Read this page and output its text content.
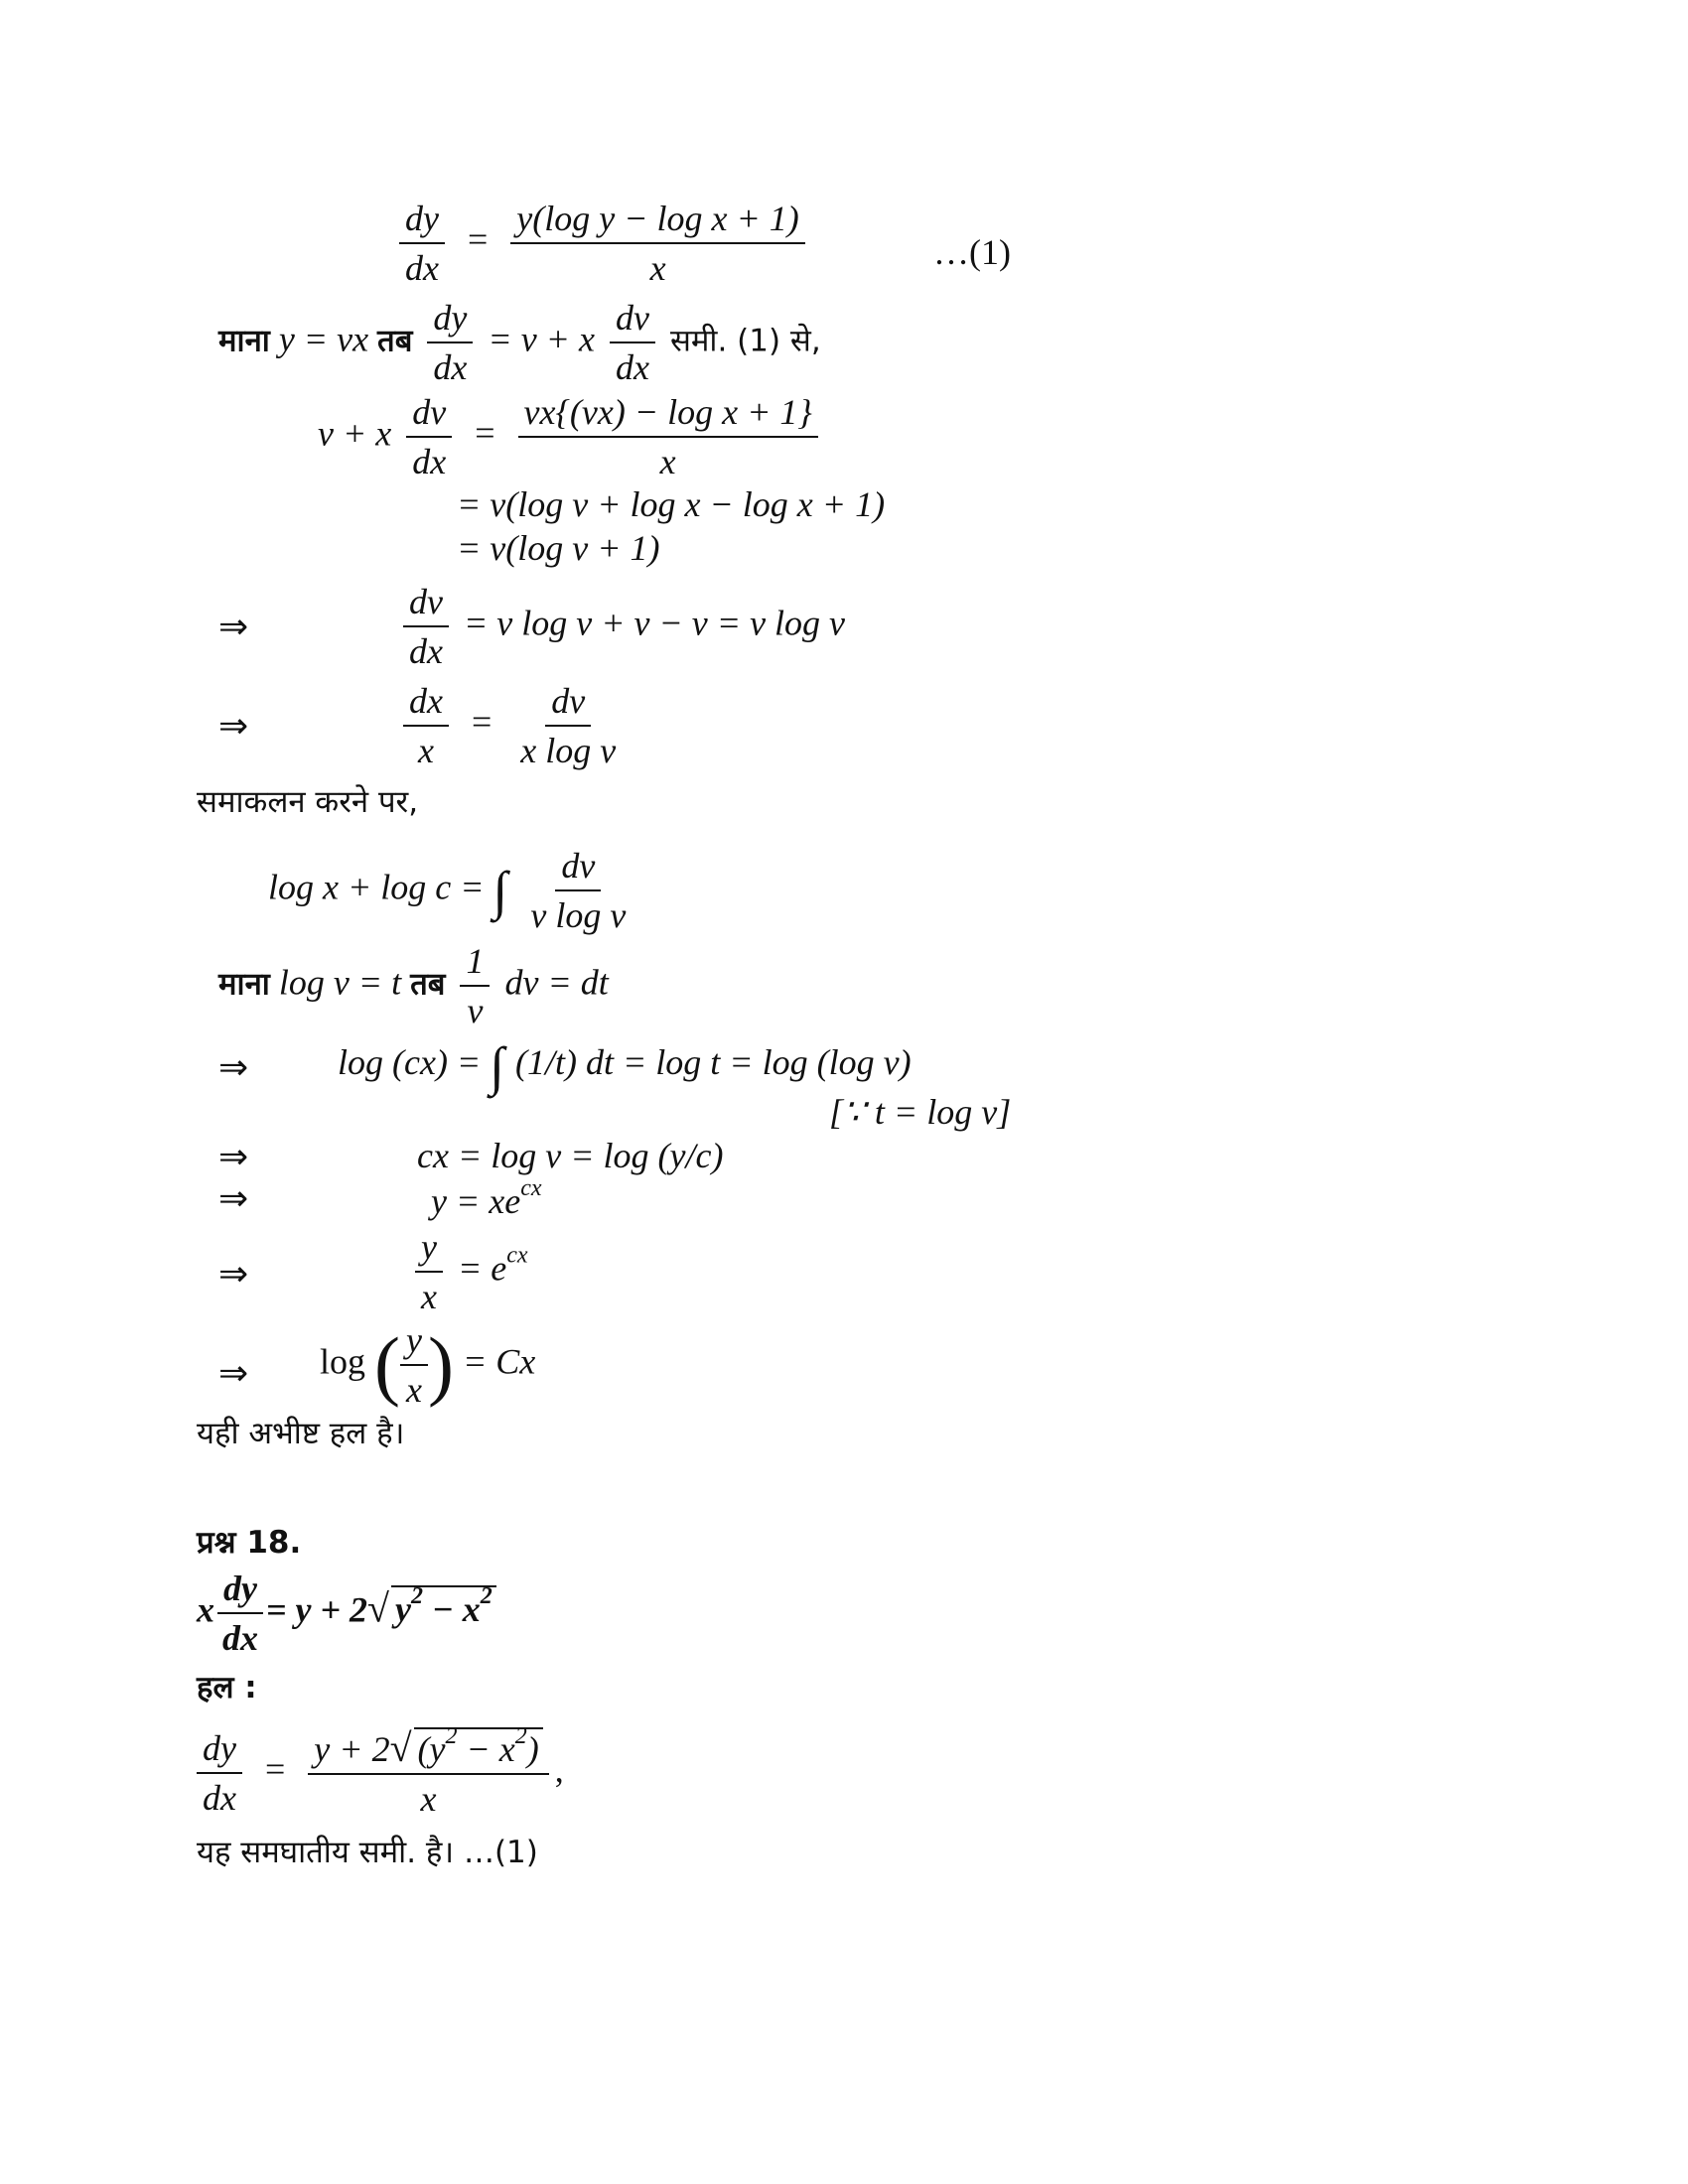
$\frac{dy}{dx} = \frac{\text{y(log y − log x + 1)}}{x}$	…(1)
माना y = vx तब $\frac{dy}{dx} = v + x \frac{dv}{dx}$ समी. (1) से,
v + x $\frac{dv}{dx} = \frac{\text{vx\{(vx) − log x + 1\}}}{x}$
= v(log v + log x − log x + 1)
= v(log v + 1)
⇒	$\frac{dv}{dx} = v$ log v + v − v = v log v
⇒	$\frac{dx}{x} = \frac{dv}{\text{x log v}}$
समाकलन करने पर,
log x + log c = ∫ $\frac{dv}{\text{v log v}}$
माना log v = t तब $\frac{1}{v}$ dv = dt
⇒ log (cx) = ∫ (1/t) dt = log t = log (log v)
[∵ t = log v]
⇒	cx = log v = log (y/c)
⇒	$y = xe^{cx}$
⇒	$\frac{y}{x} = e^{cx}$
⇒ log ( $\frac{y}{x}$ ) = Cx
यही अभीष्ट हल है।
प्रश्न 18.
x $\frac{dy}{dx} = y + 2√$ $y^2 - x^2$
हल :
$\frac{dy}{dx} = \frac{y + 2√ (y^2 - x^2)}{x}$ ,
यह समघातीय समी. है। …(1)
